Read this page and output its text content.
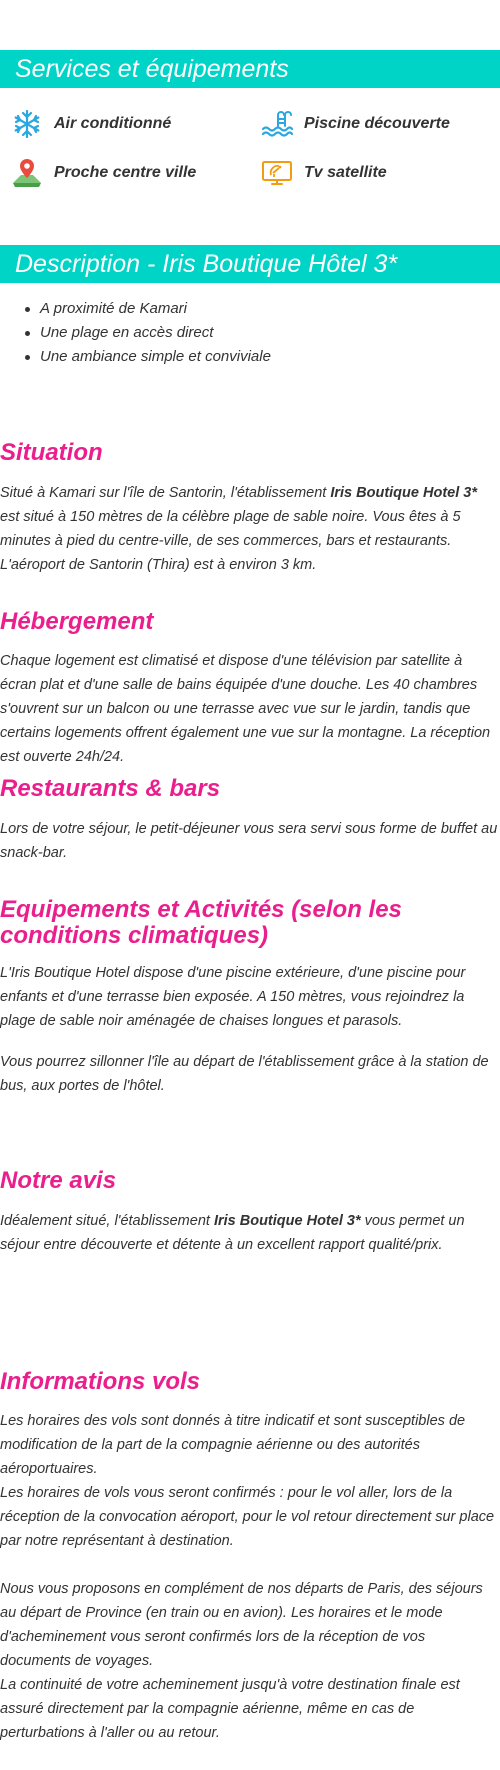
Services et équipements
Air conditionné	Piscine découverte
Proche centre ville	Tv satellite
Description - Iris Boutique Hôtel 3*
A proximité de Kamari
Une plage en accès direct
Une ambiance simple et conviviale
Situation

Situé à Kamari sur l'île de Santorin, l'établissement Iris Boutique Hotel 3* est situé à 150 mètres de la célèbre plage de sable noire. Vous êtes à 5 minutes à pied du centre-ville, de ses commerces, bars et restaurants. L'aéroport de Santorin (Thira) est à environ 3 km.

Hébergement

Chaque logement est climatisé et dispose d'une télévision par satellite à écran plat et d'une salle de bains équipée d'une douche. Les 40 chambres s'ouvrent sur un balcon ou une terrasse avec vue sur le jardin, tandis que certains logements offrent également une vue sur la montagne. La réception est ouverte 24h/24.

Restaurants & bars

Lors de votre séjour, le petit-déjeuner vous sera servi sous forme de buffet au snack-bar.

Equipements et Activités (selon les conditions climatiques)

L'Iris Boutique Hotel dispose d'une piscine extérieure, d'une piscine pour enfants et d'une terrasse bien exposée. A 150 mètres, vous rejoindrez la plage de sable noir aménagée de chaises longues et parasols.

Vous pourrez sillonner l'île au départ de l'établissement grâce à la station de bus, aux portes de l'hôtel.

Notre avis

Idéalement situé, l'établissement Iris Boutique Hotel 3* vous permet un séjour entre découverte et détente à un excellent rapport qualité/prix.

Informations vols

Les horaires des vols sont donnés à titre indicatif et sont susceptibles de modification de la part de la compagnie aérienne ou des autorités aéroportuaires.

Les horaires de vols vous seront confirmés : pour le vol aller, lors de la réception de la convocation aéroport, pour le vol retour directement sur place par notre représentant à destination.

Nous vous proposons en complément de nos départs de Paris, des séjours au départ de Province (en train ou en avion). Les horaires et le mode d'acheminement vous seront confirmés lors de la réception de vos documents de voyages.

La continuité de votre acheminement jusqu'à votre destination finale est assuré directement par la compagnie aérienne, même en cas de perturbations à l'aller ou au retour.
